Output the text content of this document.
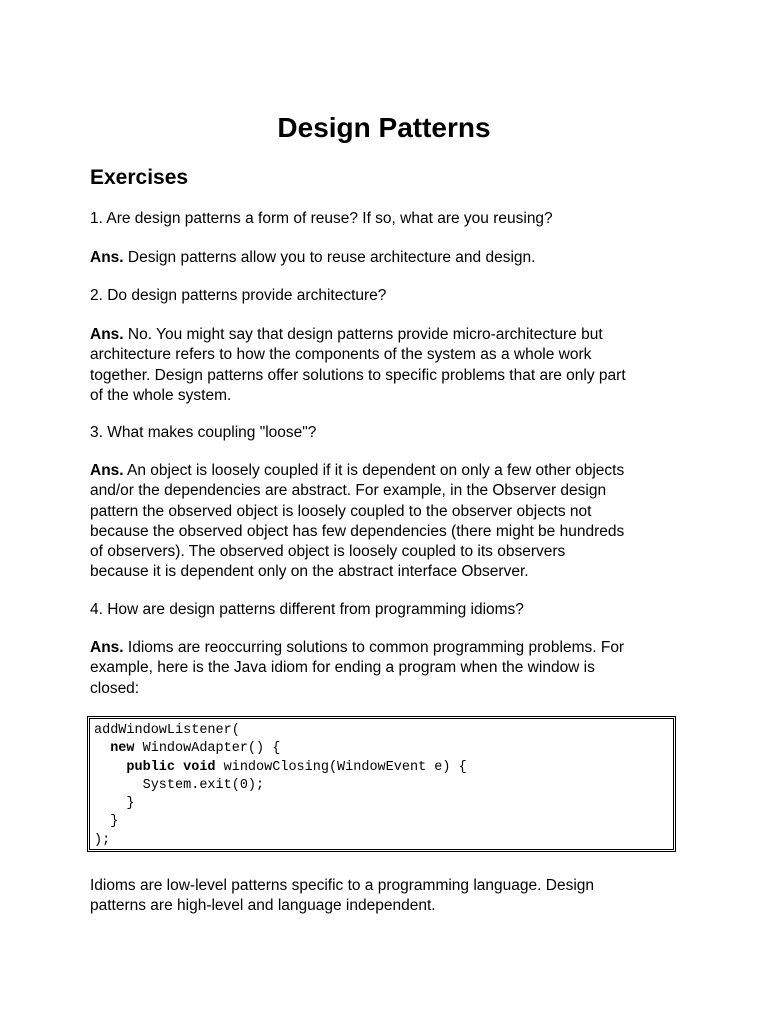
Design Patterns
Exercises

1. Are design patterns a form of reuse? If so, what are you reusing?

Ans. Design patterns allow you to reuse architecture and design.

2. Do design patterns provide architecture?

Ans. No. You might say that design patterns provide micro-architecture but
architecture refers to how the components of the system as a whole work
together. Design patterns offer solutions to specific problems that are only part
of the whole system.

3. What makes coupling "loose"?

Ans. An object is loosely coupled if it is dependent on only a few other objects
and/or the dependencies are abstract. For example, in the Observer design
pattern the observed object is loosely coupled to the observer objects not
because the observed object has few dependencies (there might be hundreds
of observers). The observed object is loosely coupled to its observers
because it is dependent only on the abstract interface Observer.

4. How are design patterns different from programming idioms?

Ans. Idioms are reoccurring solutions to common programming problems. For
example, here is the Java idiom for ending a program when the window is
closed:

addWindowListener(
new WindowAdapter() {
public void windowClosing(WindowEvent e) {
System.exit(0);
}
}
);

Idioms are low-level patterns specific to a programming language. Design
patterns are high-level and language independent.
